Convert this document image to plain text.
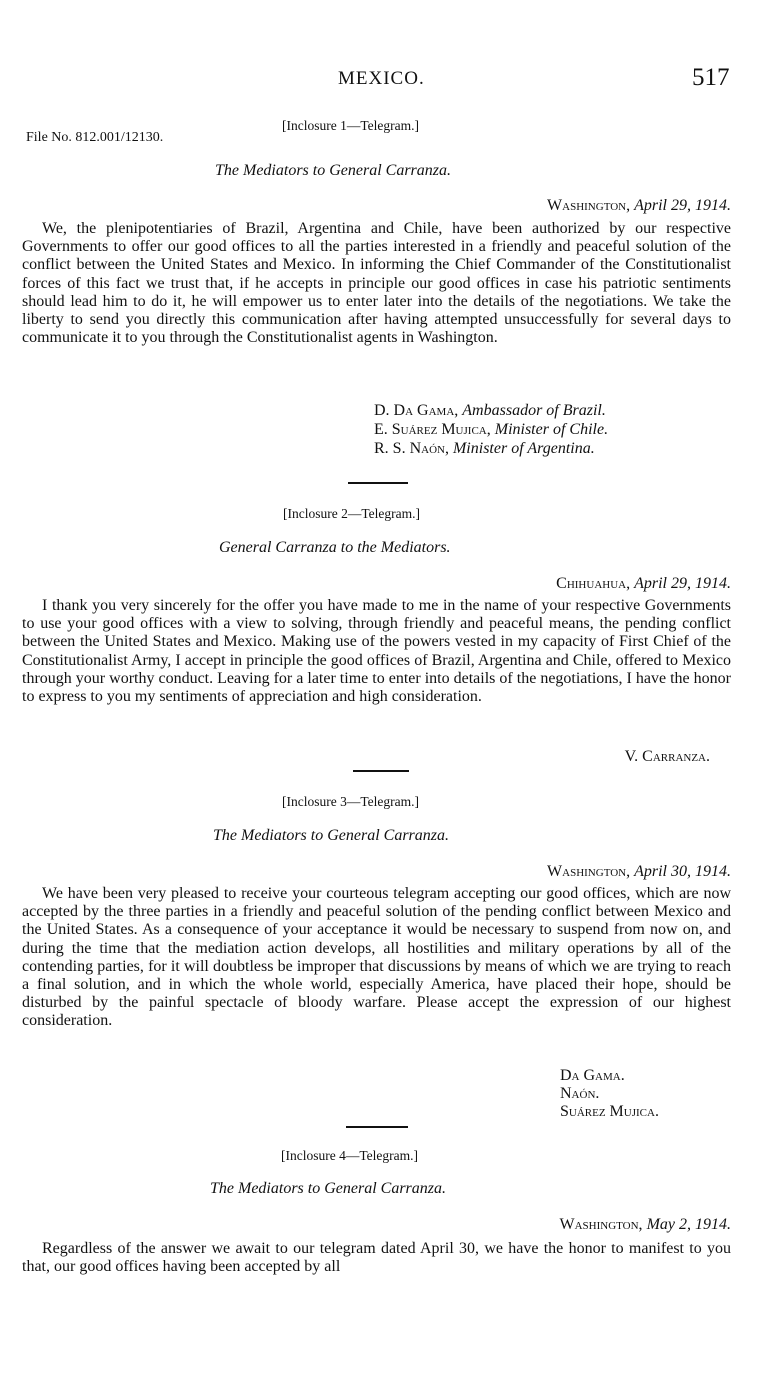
MEXICO.	517
File No. 812.001/12130.
[Inclosure 1—Telegram.]
The Mediators to General Carranza.
Washington, April 29, 1914.
We, the plenipotentiaries of Brazil, Argentina and Chile, have been authorized by our respective Governments to offer our good offices to all the parties interested in a friendly and peaceful solution of the conflict between the United States and Mexico. In informing the Chief Commander of the Constitutionalist forces of this fact we trust that, if he accepts in principle our good offices in case his patriotic sentiments should lead him to do it, he will empower us to enter later into the details of the negotiations. We take the liberty to send you directly this communication after having attempted unsuccessfully for several days to communicate it to you through the Constitutionalist agents in Washington.
D. Da Gama, Ambassador of Brazil.
E. Suárez Mujica, Minister of Chile.
R. S. Naón, Minister of Argentina.
[Inclosure 2—Telegram.]
General Carranza to the Mediators.
Chihuahua, April 29, 1914.
I thank you very sincerely for the offer you have made to me in the name of your respective Governments to use your good offices with a view to solving, through friendly and peaceful means, the pending conflict between the United States and Mexico. Making use of the powers vested in my capacity of First Chief of the Constitutionalist Army, I accept in principle the good offices of Brazil, Argentina and Chile, offered to Mexico through your worthy conduct. Leaving for a later time to enter into details of the negotiations, I have the honor to express to you my sentiments of appreciation and high consideration.
V. Carranza.
[Inclosure 3—Telegram.]
The Mediators to General Carranza.
Washington, April 30, 1914.
We have been very pleased to receive your courteous telegram accepting our good offices, which are now accepted by the three parties in a friendly and peaceful solution of the pending conflict between Mexico and the United States. As a consequence of your acceptance it would be necessary to suspend from now on, and during the time that the mediation action develops, all hostilities and military operations by all of the contending parties, for it will doubtless be improper that discussions by means of which we are trying to reach a final solution, and in which the whole world, especially America, have placed their hope, should be disturbed by the painful spectacle of bloody warfare. Please accept the expression of our highest consideration.
Da Gama.
Naón.
Suárez Mujica.
[Inclosure 4—Telegram.]
The Mediators to General Carranza.
Washington, May 2, 1914.
Regardless of the answer we await to our telegram dated April 30, we have the honor to manifest to you that, our good offices having been accepted by all
